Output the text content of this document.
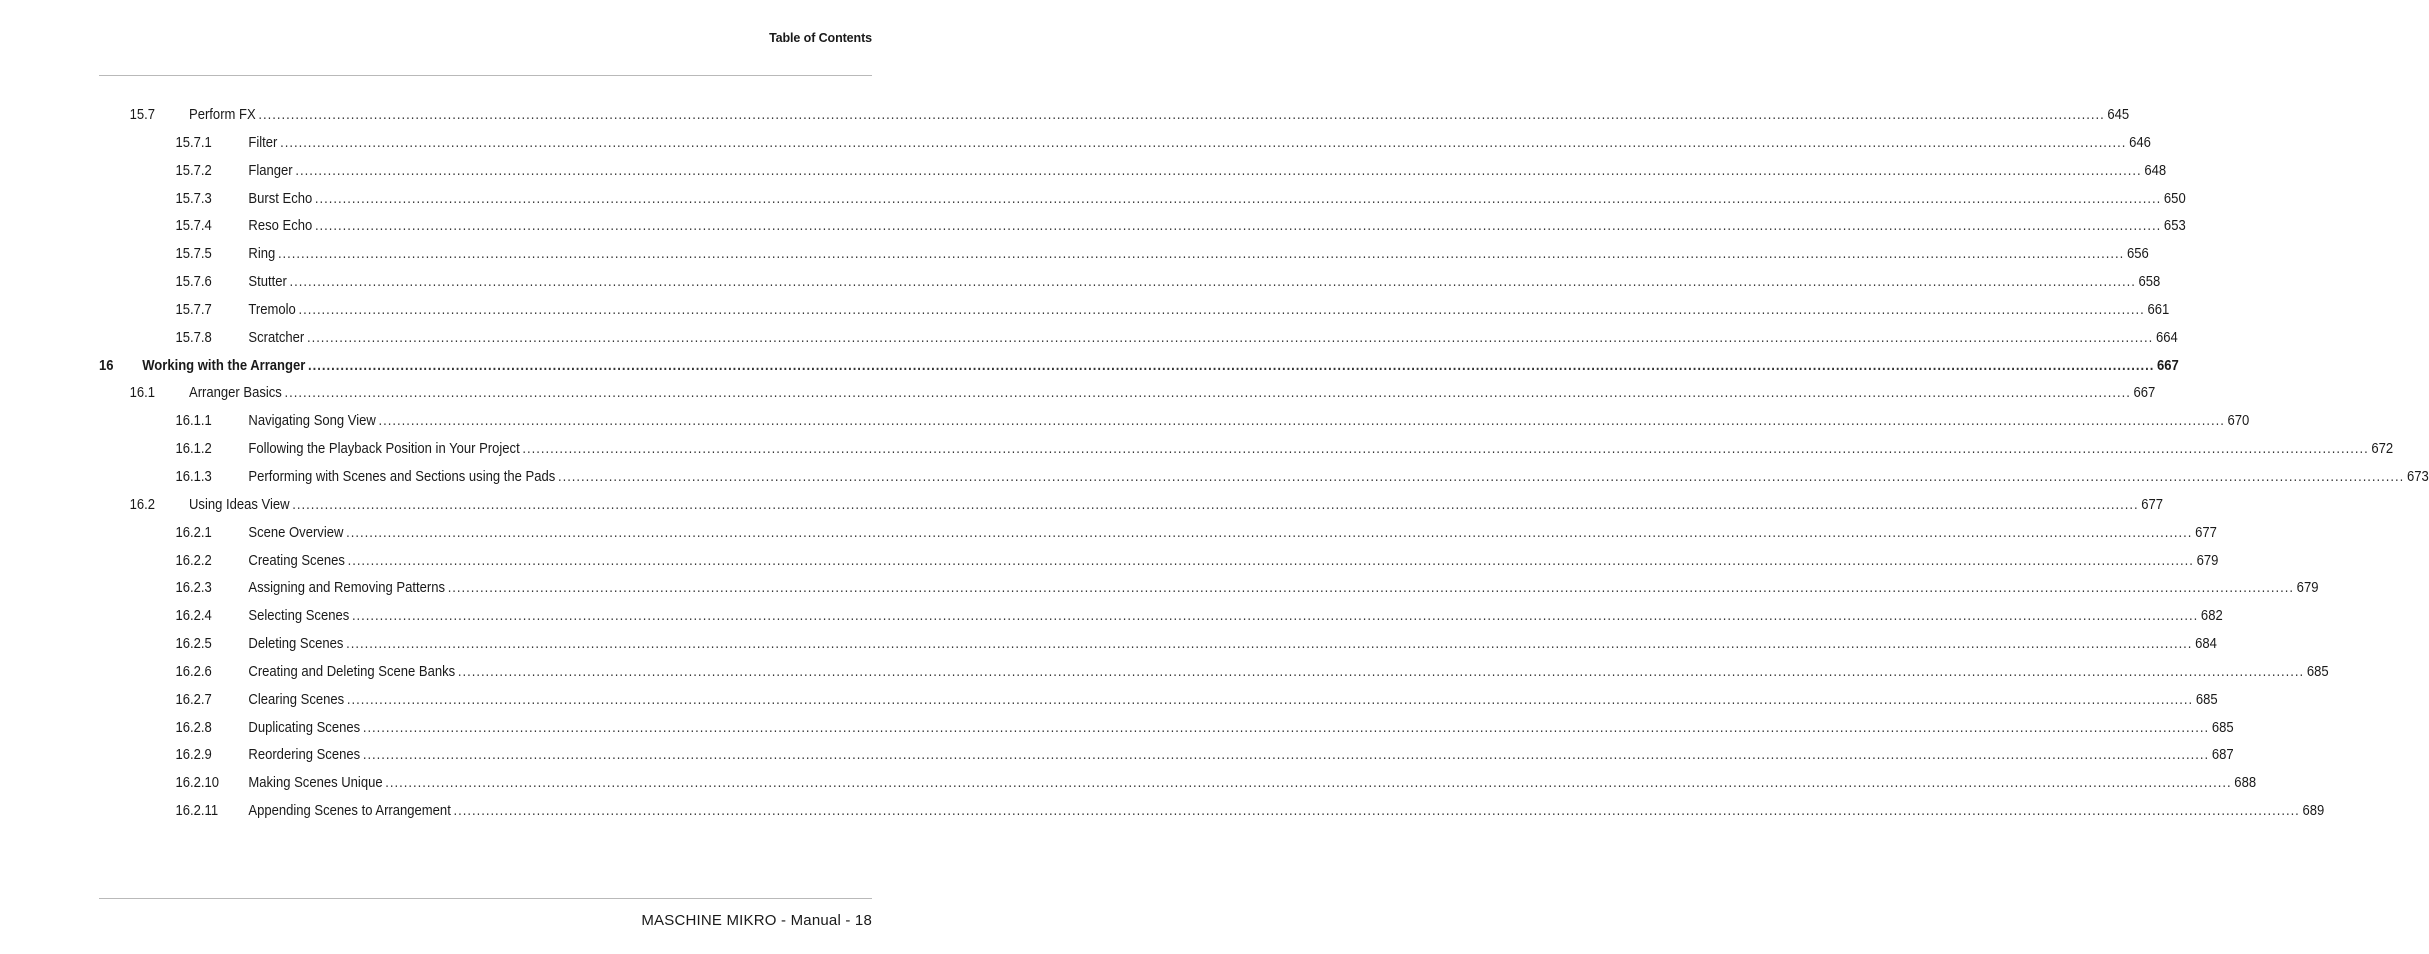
Table of Contents
15.7 Perform FX ................................................................................................................................................................................................................................................................................................................................................................................................................ 645
15.7.1	Filter ................................................................................................................................................................................................................................................................................................................................................................................................................ 646
15.7.2	Flanger ................................................................................................................................................................................................................................................................................................................................................................................................................ 648
15.7.3	Burst Echo ................................................................................................................................................................................................................................................................................................................................................................................................................ 650
15.7.4	Reso Echo ................................................................................................................................................................................................................................................................................................................................................................................................................ 653
15.7.5	Ring ................................................................................................................................................................................................................................................................................................................................................................................................................ 656
15.7.6	Stutter ................................................................................................................................................................................................................................................................................................................................................................................................................ 658
15.7.7	Tremolo ................................................................................................................................................................................................................................................................................................................................................................................................................ 661
15.7.8	Scratcher ................................................................................................................................................................................................................................................................................................................................................................................................................ 664
16 Working with the Arranger ................................................................................................................................................................................................................................................................................................................................................................................................................ 667
16.1 Arranger Basics ................................................................................................................................................................................................................................................................................................................................................................................................................ 667
16.1.1	Navigating Song View ................................................................................................................................................................................................................................................................................................................................................................................................................ 670
16.1.2	Following the Playback Position in Your Project ................................................................................................................................................................................................................................................................................................................................................................................................................ 672
16.1.3	Performing with Scenes and Sections using the Pads ................................................................................................................................................................................................................................................................................................................................................................................................................ 673
16.2 Using Ideas View ................................................................................................................................................................................................................................................................................................................................................................................................................ 677
16.2.1	Scene Overview ................................................................................................................................................................................................................................................................................................................................................................................................................ 677
16.2.2	Creating Scenes ................................................................................................................................................................................................................................................................................................................................................................................................................ 679
16.2.3	Assigning and Removing Patterns ................................................................................................................................................................................................................................................................................................................................................................................................................ 679
16.2.4	Selecting Scenes ................................................................................................................................................................................................................................................................................................................................................................................................................ 682
16.2.5	Deleting Scenes ................................................................................................................................................................................................................................................................................................................................................................................................................ 684
16.2.6	Creating and Deleting Scene Banks ................................................................................................................................................................................................................................................................................................................................................................................................................ 685
16.2.7	Clearing Scenes ................................................................................................................................................................................................................................................................................................................................................................................................................ 685
16.2.8	Duplicating Scenes ................................................................................................................................................................................................................................................................................................................................................................................................................ 685
16.2.9	Reordering Scenes ................................................................................................................................................................................................................................................................................................................................................................................................................ 687
16.2.10 Making Scenes Unique ................................................................................................................................................................................................................................................................................................................................................................................................................ 688
16.2.11 Appending Scenes to Arrangement ................................................................................................................................................................................................................................................................................................................................................................................................................ 689
MASCHINE MIKRO - Manual - 18
